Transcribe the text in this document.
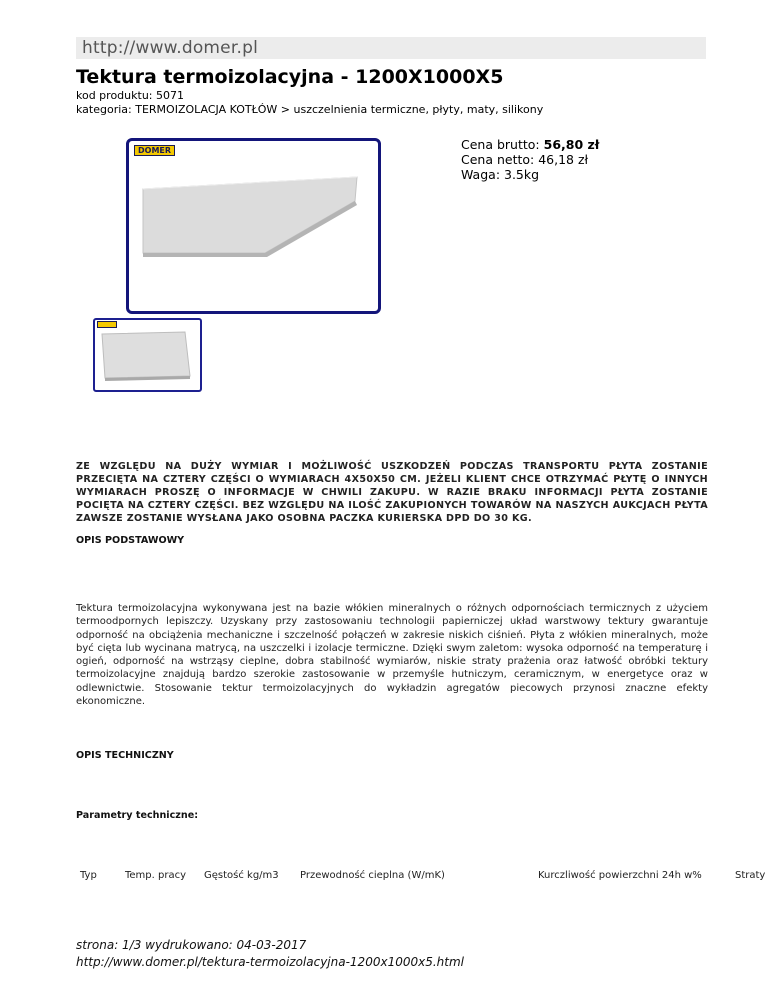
http://www.domer.pl
Tektura termoizolacyjna - 1200X1000X5
kod produktu: 5071
kategoria: TERMOIZOLACJA KOTŁÓW > uszczelnienia termiczne, płyty, maty, silikony
DOMER	Cena brutto: 56,80 zł
Cena netto: 46,18 zł
Waga: 3.5kg

ZE WZGLĘDU NA DUŻY WYMIAR I MOŻLIWOŚĆ USZKODZEŃ PODCZAS TRANSPORTU PŁYTA ZOSTANIE PRZECIĘTA NA CZTERY CZĘŚCI O WYMIARACH 4X50X50 CM. JEŻELI KLIENT CHCE OTRZYMAĆ PŁYTĘ O INNYCH WYMIARACH PROSZĘ O INFORMACJE W CHWILI ZAKUPU. W RAZIE BRAKU INFORMACJI PŁYTA ZOSTANIE POCIĘTA NA CZTERY CZĘŚCI. BEZ WZGLĘDU NA ILOŚĆ ZAKUPIONYCH TOWARÓW NA NASZYCH AUKCJACH PŁYTA ZAWSZE ZOSTANIE WYSŁANA JAKO OSOBNA PACZKA KURIERSKA DPD DO 30 KG.

OPIS PODSTAWOWY

Tektura termoizolacyjna wykonywana jest na bazie włókien mineralnych o różnych odpornościach termicznych z użyciem termoodpornych lepiszczy. Uzyskany przy zastosowaniu technologii papierniczej układ warstwowy tektury gwarantuje odporność na obciążenia mechaniczne i szczelność połączeń w zakresie niskich ciśnień. Płyta z włókien mineralnych, może być cięta lub wycinana matrycą, na uszczelki i izolacje termiczne. Dzięki swym zaletom: wysoka odporność na temperaturę i ogień, odporność na wstrząsy cieplne, dobra stabilność wymiarów, niskie straty prażenia oraz łatwość obróbki tektury termoizolacyjne znajdują bardzo szerokie zastosowanie w przemyśle hutniczym, ceramicznym, w energetyce oraz w odlewnictwie. Stosowanie tektur termoizolacyjnych do wykładzin agregatów piecowych przynosi znaczne efekty ekonomiczne.

OPIS TECHNICZNY
Parametry techniczne:
Typ	Temp. pracy Gęstość kg/m3 Przewodność cieplna (W/mK)	Kurczliwość powierzchni 24h w%	Straty
strona: 1/3 wydrukowano: 04-03-2017
http://www.domer.pl/tektura-termoizolacyjna-1200x1000x5.html
